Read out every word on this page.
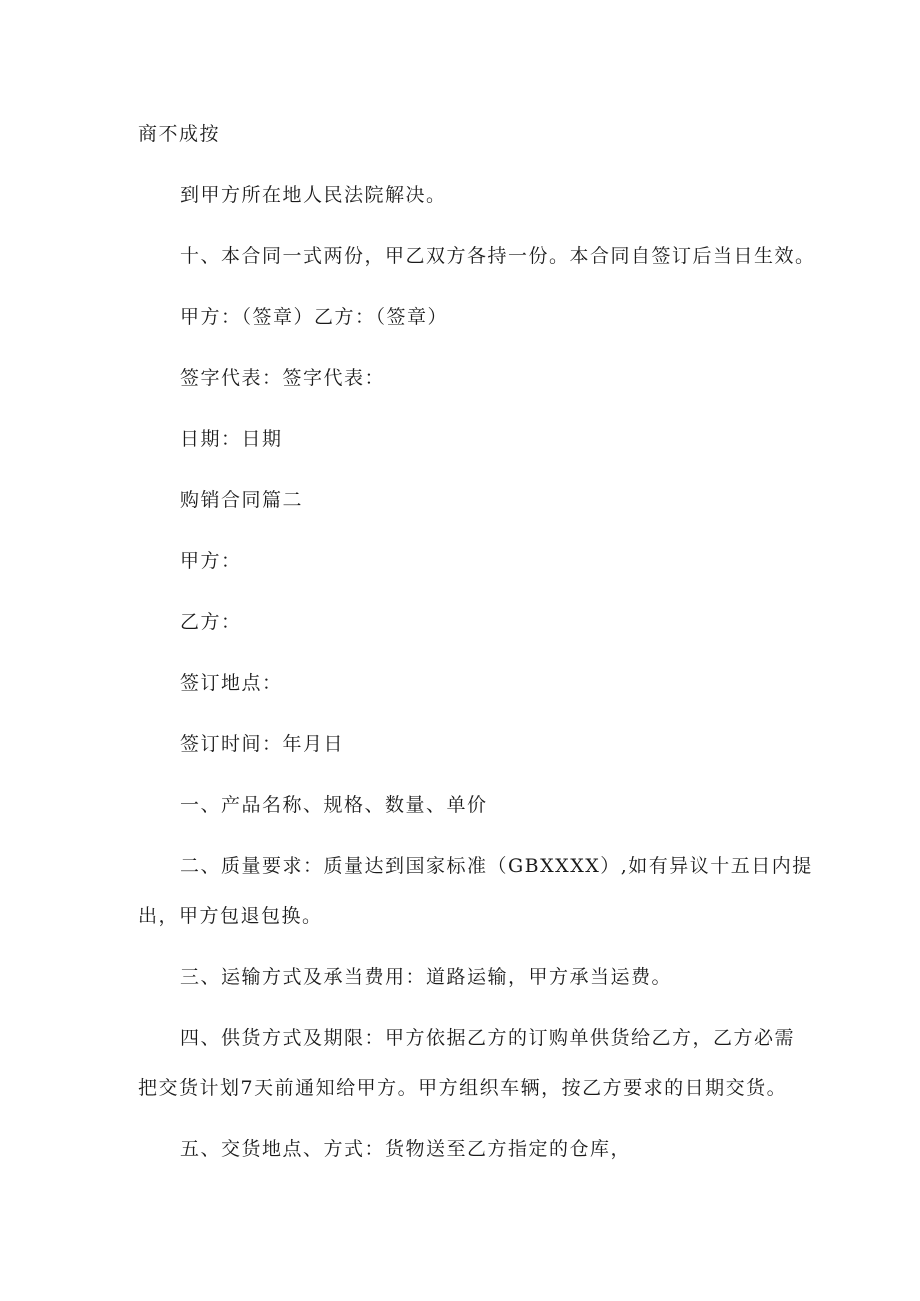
商不成按
到甲方所在地人民法院解决。
十、本合同一式两份，甲乙双方各持一份。本合同自签订后当日生效。
甲方：（签章）乙方：（签章）
签字代表：签字代表：
日期：日期
购销合同篇二
甲方：
乙方：
签订地点：
签订时间：年月日
一、产品名称、规格、数量、单价
二、质量要求：质量达到国家标准（GBXXXX）,如有异议十五日内提
出，甲方包退包换。
三、运输方式及承当费用：道路运输，甲方承当运费。
四、供货方式及期限：甲方依据乙方的订购单供货给乙方，乙方必需
把交货计划7天前通知给甲方。甲方组织车辆，按乙方要求的日期交货。
五、交货地点、方式：货物送至乙方指定的仓库，
